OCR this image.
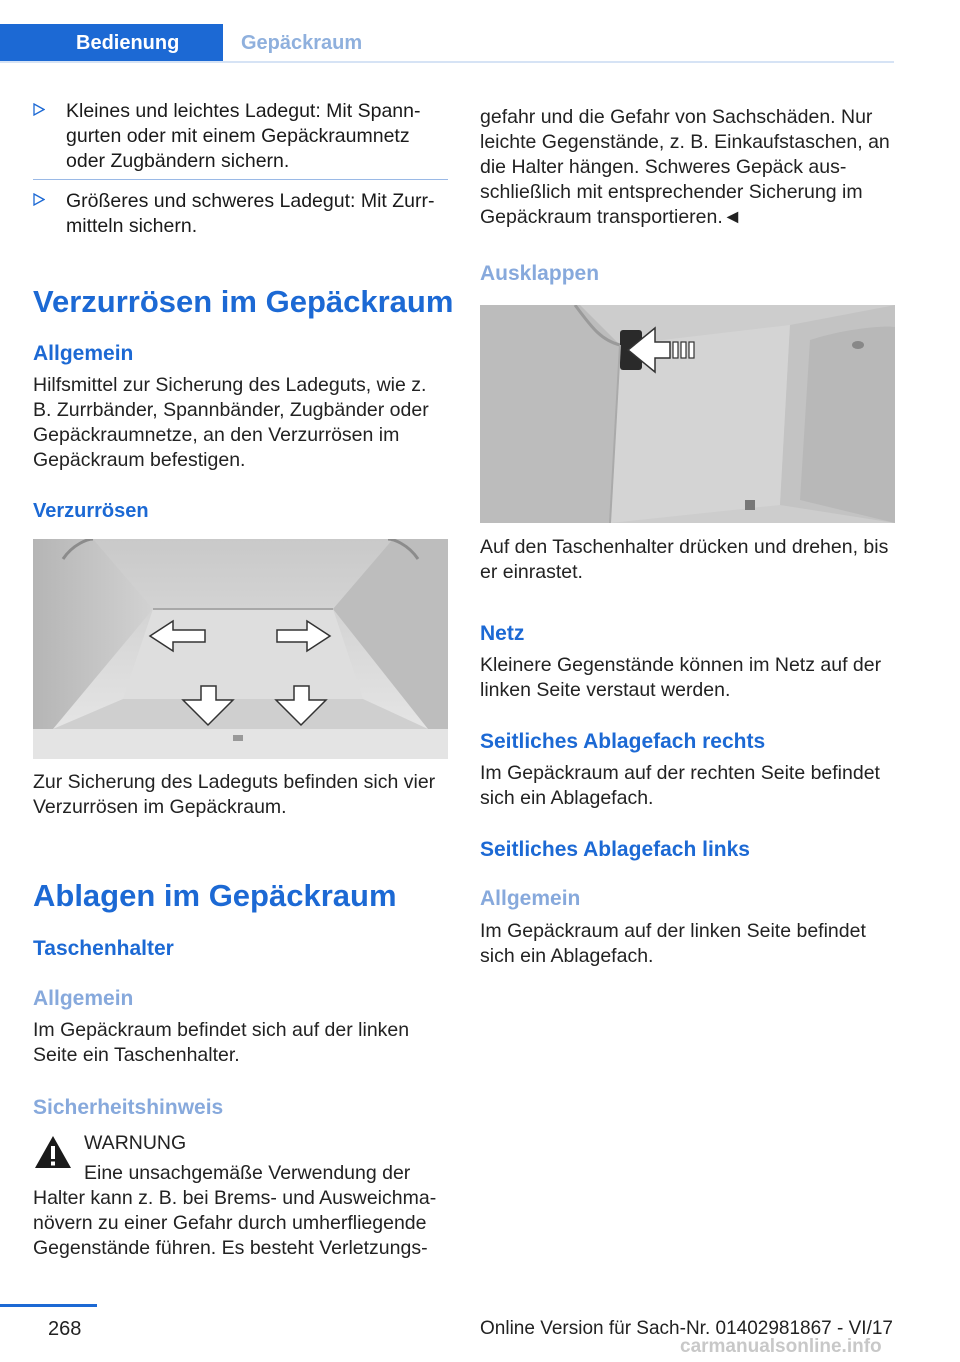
Bedienung	Gepäckraum
Kleines und leichtes Ladegut: Mit Spanngurten oder mit einem Gepäckraumnetz oder Zugbändern sichern.
Größeres und schweres Ladegut: Mit Zurrmitteln sichern.
Verzurrösen im Gepäckraum
Allgemein
Hilfsmittel zur Sicherung des Ladeguts, wie z. B. Zurrbänder, Spannbänder, Zugbänder oder Gepäckraumnetze, an den Verzurrösen im Gepäckraum befestigen.
Verzurrösen
Zur Sicherung des Ladeguts befinden sich vier Verzurrösen im Gepäckraum.
Ablagen im Gepäckraum
Taschenhalter
Allgemein
Im Gepäckraum befindet sich auf der linken Seite ein Taschenhalter.
Sicherheitshinweis
WARNUNG
Eine unsachgemäße Verwendung der
Halter kann z. B. bei Brems- und Ausweichmanövern zu einer Gefahr durch umherfliegende Gegenstände führen. Es besteht Verletzungs-
gefahr und die Gefahr von Sachschäden. Nur leichte Gegenstände, z. B. Einkaufstaschen, an die Halter hängen. Schweres Gepäck ausschließlich mit entsprechender Sicherung im Gepäckraum transportieren.◄
Ausklappen
Auf den Taschenhalter drücken und drehen, bis er einrastet.
Netz
Kleinere Gegenstände können im Netz auf der linken Seite verstaut werden.
Seitliches Ablagefach rechts
Im Gepäckraum auf der rechten Seite befindet sich ein Ablagefach.
Seitliches Ablagefach links
Allgemein
Im Gepäckraum auf der linken Seite befindet sich ein Ablagefach.
268	Online Version für Sach-Nr. 01402981867 - VI/17
carmanualsonline.info
